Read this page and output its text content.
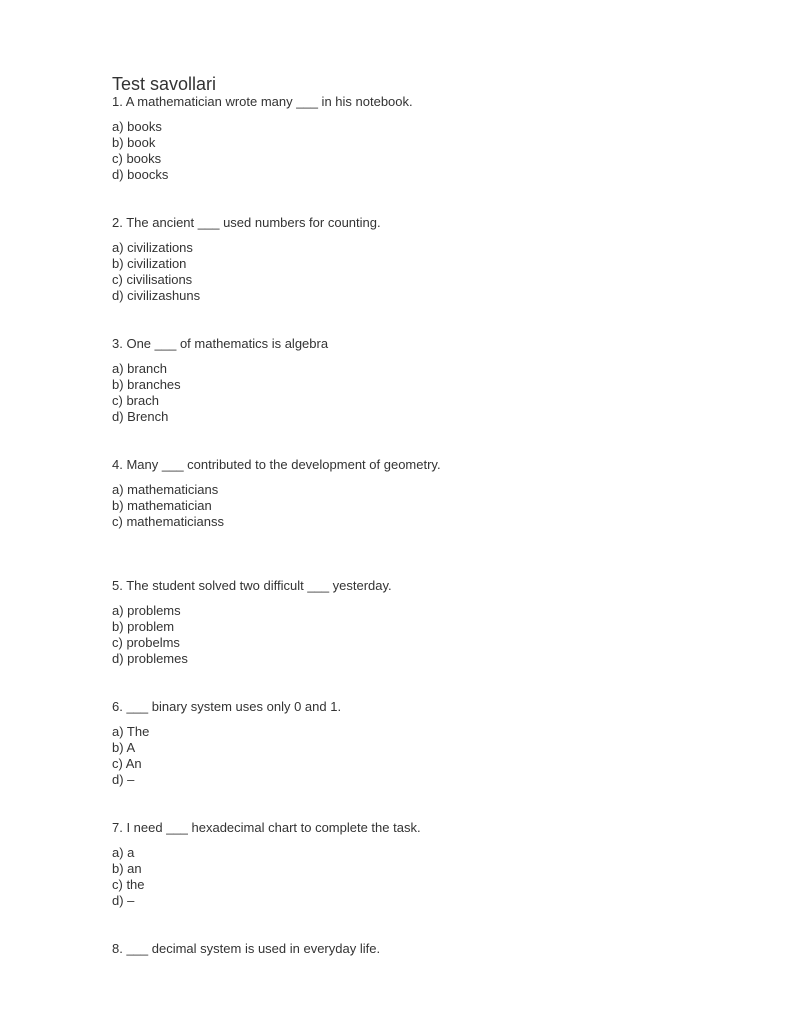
Test savollari

1. A mathematician wrote many ___ in his notebook.

a) books
b) book
c) books
d) boocks

2. The ancient ___ used numbers for counting.

a) civilizations
b) civilization
c) civilisations
d) civilizashuns

3. One ___ of mathematics is algebra

a) branch
b) branches
c) brach
d) Brench

4. Many ___ contributed to the development of geometry.

a) mathematicians
b) mathematician
c) mathematicianss

5. The student solved two difficult ___ yesterday.

a) problems
b) problem
c) probelms
d) problemes

6. ___ binary system uses only 0 and 1.

a) The
b) A
c) An
d) –

7. I need ___ hexadecimal chart to complete the task.

a) a
b) an
c) the
d) –

8. ___ decimal system is used in everyday life.
